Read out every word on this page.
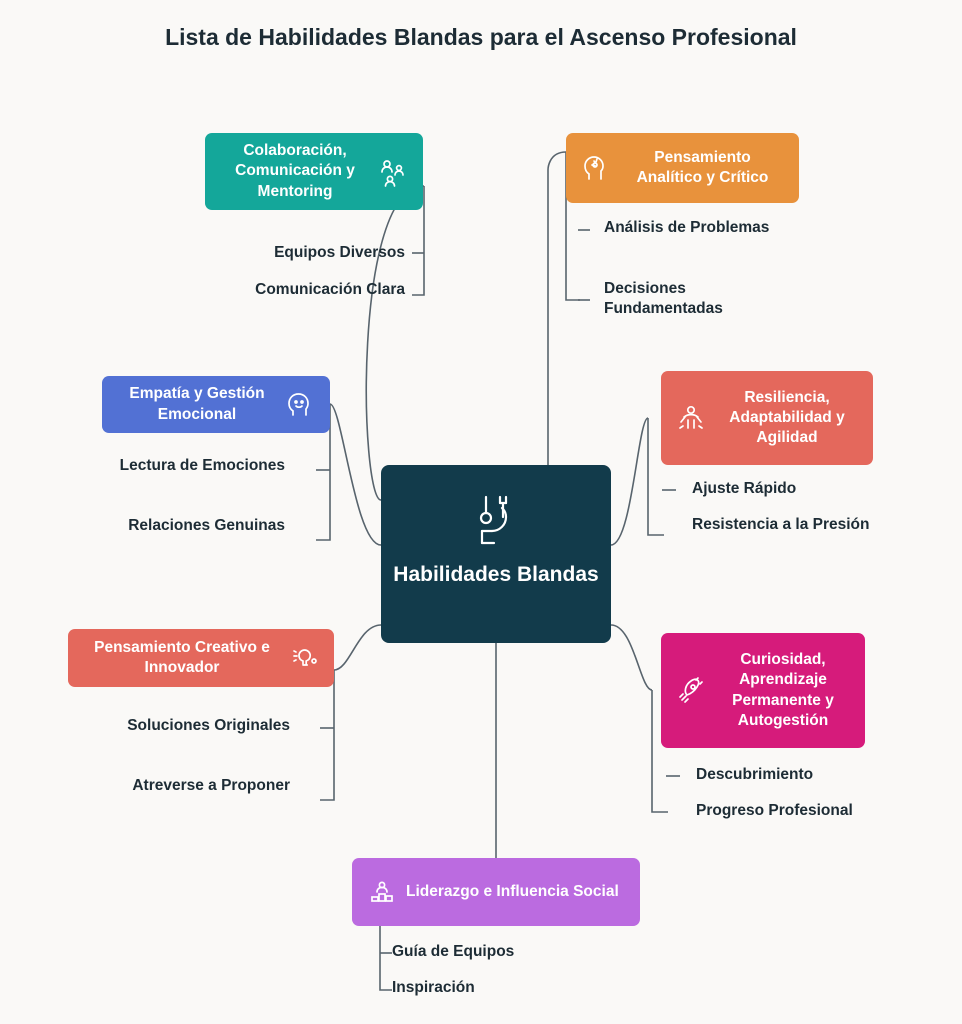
Lista de Habilidades Blandas para el Ascenso Profesional
Habilidades Blandas
Colaboración, Comunicación y Mentoring
Equipos Diversos
Comunicación Clara
Pensamiento Analítico y Crítico
Análisis de Problemas
Decisiones Fundamentadas
Empatía y Gestión Emocional
Lectura de Emociones
Relaciones Genuinas
Resiliencia, Adaptabilidad y Agilidad
Ajuste Rápido
Resistencia a la Presión
Pensamiento Creativo e Innovador
Soluciones Originales
Atreverse a Proponer
Curiosidad, Aprendizaje Permanente y Autogestión
Descubrimiento
Progreso Profesional
Liderazgo e Influencia Social
Guía de Equipos
Inspiración
